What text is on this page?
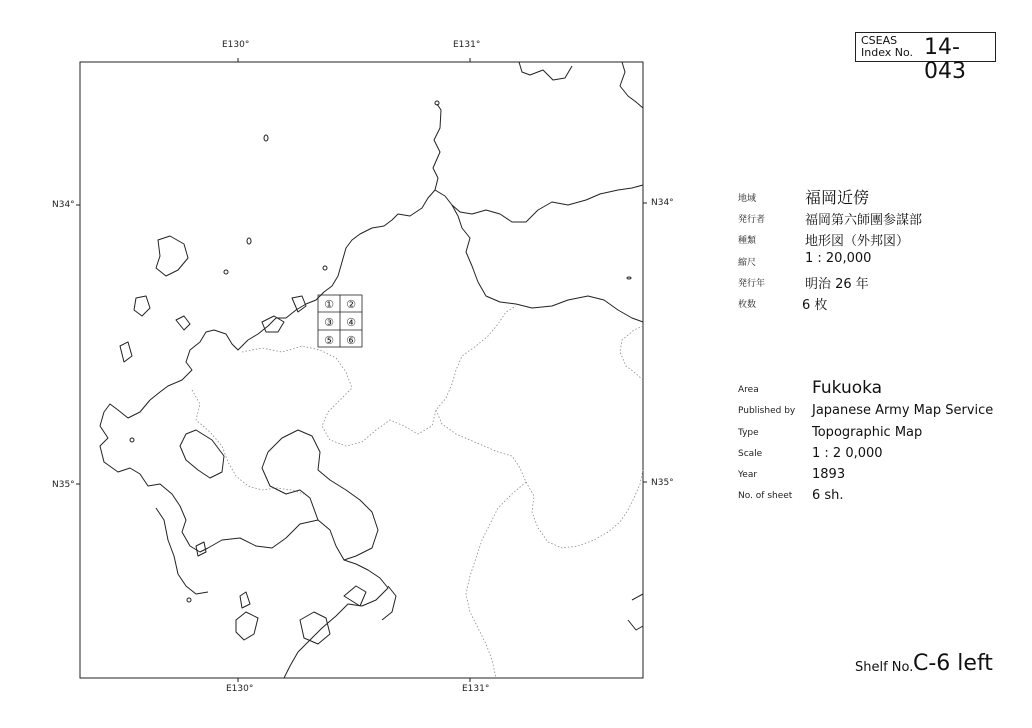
CSEAS
Index No. 14-043
E130°	E131°
E130°	E131°
N34°
N35°
N34°
N35°
① ②
③ ④
⑤ ⑥
地域	福岡近傍
発行者	福岡第六師團参謀部
種類	地形図（外邦図）
縮尺	1 : 20,000
発行年	明治 26 年
枚数	6 枚
Area	Fukuoka
Published by Japanese Army Map Service
Type	Topographic Map
Scale	1 : 2 0,000
Year	1893
No. of sheet 6 sh.
Shelf No. C-6 left
